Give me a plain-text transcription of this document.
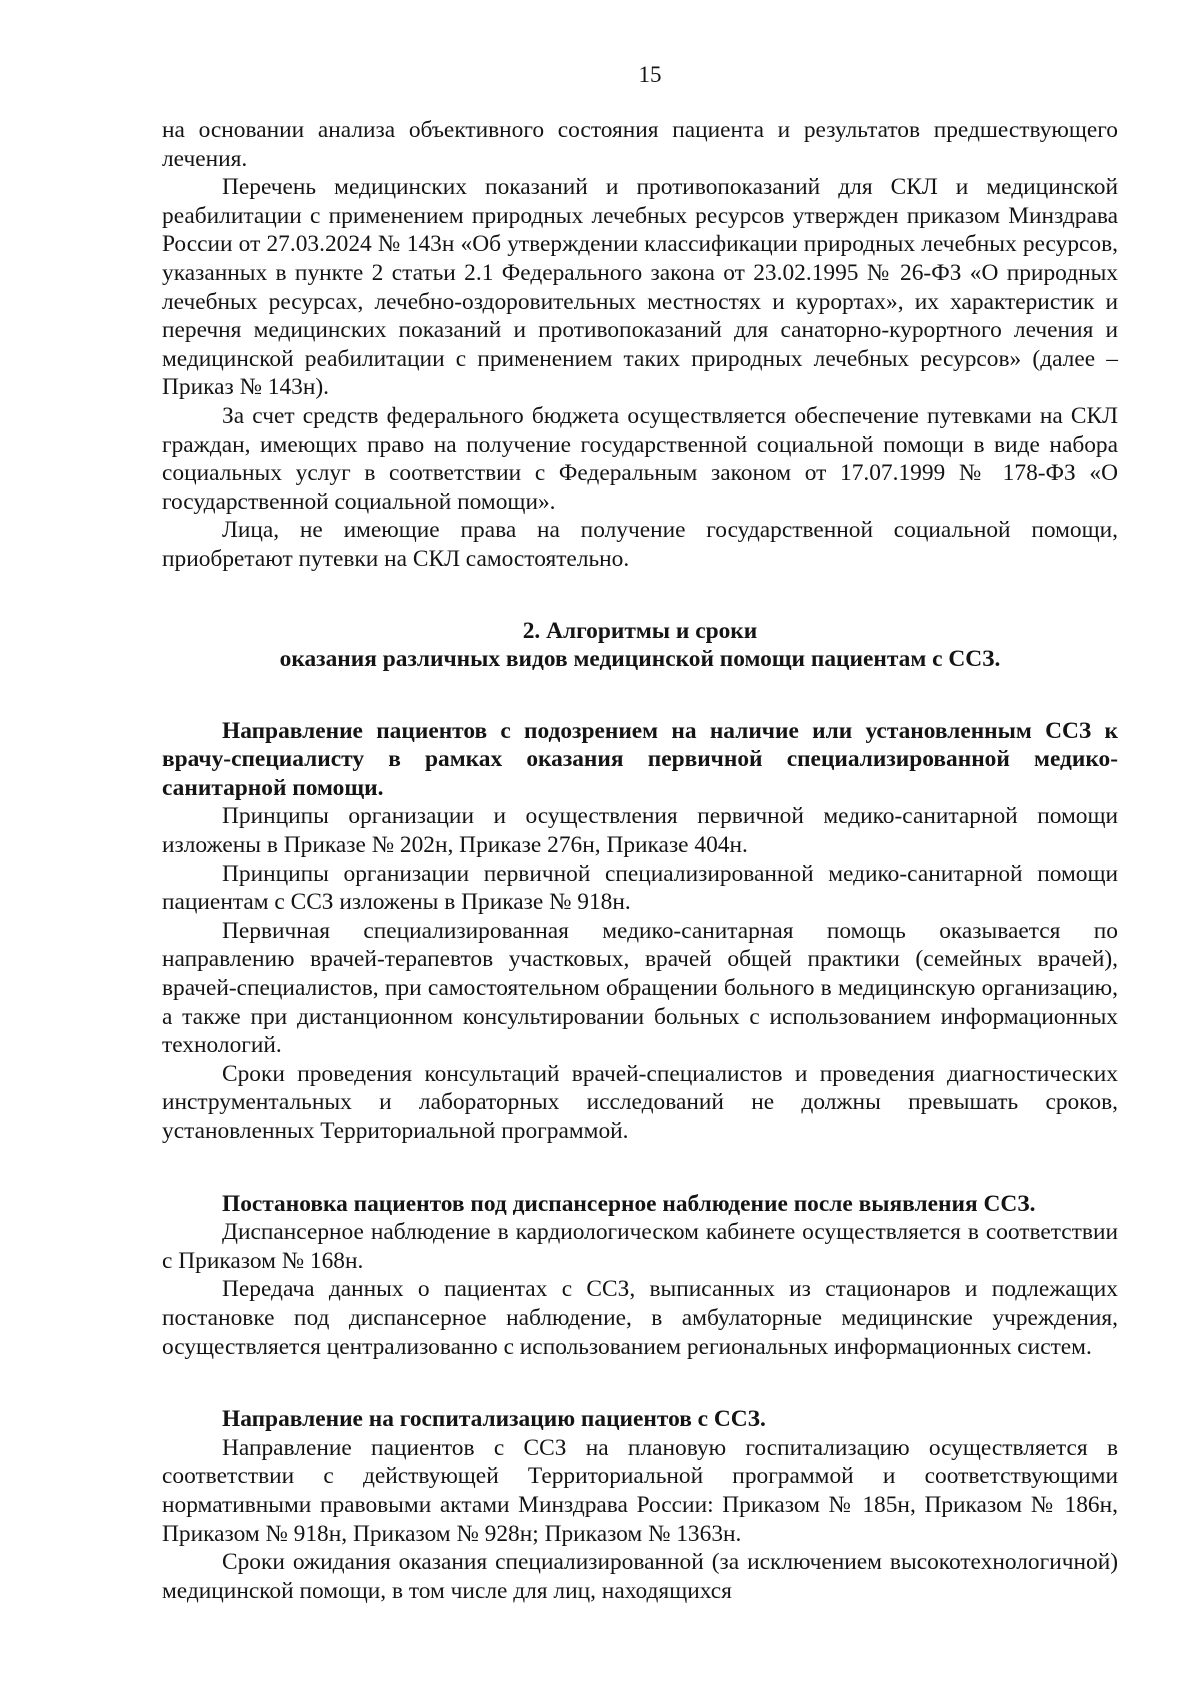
15

на основании анализа объективного состояния пациента и результатов предшествующего лечения.

Перечень медицинских показаний и противопоказаний для СКЛ и медицинской реабилитации с применением природных лечебных ресурсов утвержден приказом Минздрава России от 27.03.2024 № 143н «Об утверждении классификации природных лечебных ресурсов, указанных в пункте 2 статьи 2.1 Федерального закона от 23.02.1995 № 26-ФЗ «О природных лечебных ресурсах, лечебно-оздоровительных местностях и курортах», их характеристик и перечня медицинских показаний и противопоказаний для санаторно-курортного лечения и медицинской реабилитации с применением таких природных лечебных ресурсов» (далее – Приказ № 143н).

За счет средств федерального бюджета осуществляется обеспечение путевками на СКЛ граждан, имеющих право на получение государственной социальной помощи в виде набора социальных услуг в соответствии с Федеральным законом от 17.07.1999 № 178-ФЗ «О государственной социальной помощи».

Лица, не имеющие права на получение государственной социальной помощи, приобретают путевки на СКЛ самостоятельно.

2. Алгоритмы и сроки
оказания различных видов медицинской помощи пациентам с ССЗ.

Направление пациентов с подозрением на наличие или установленным ССЗ к врачу-специалисту в рамках оказания первичной специализированной медико-санитарной помощи.

Принципы организации и осуществления первичной медико-санитарной помощи изложены в Приказе № 202н, Приказе 276н, Приказе 404н.

Принципы организации первичной специализированной медико-санитарной помощи пациентам с ССЗ изложены в Приказе № 918н.

Первичная специализированная медико-санитарная помощь оказывается по направлению врачей-терапевтов участковых, врачей общей практики (семейных врачей), врачей-специалистов, при самостоятельном обращении больного в медицинскую организацию, а также при дистанционном консультировании больных с использованием информационных технологий.

Сроки проведения консультаций врачей-специалистов и проведения диагностических инструментальных и лабораторных исследований не должны превышать сроков, установленных Территориальной программой.

Постановка пациентов под диспансерное наблюдение после выявления ССЗ.

Диспансерное наблюдение в кардиологическом кабинете осуществляется в соответствии с Приказом № 168н.

Передача данных о пациентах с ССЗ, выписанных из стационаров и подлежащих постановке под диспансерное наблюдение, в амбулаторные медицинские учреждения, осуществляется централизованно с использованием региональных информационных систем.

Направление на госпитализацию пациентов с ССЗ.

Направление пациентов с ССЗ на плановую госпитализацию осуществляется в соответствии с действующей Территориальной программой и соответствующими нормативными правовыми актами Минздрава России: Приказом № 185н, Приказом № 186н, Приказом № 918н, Приказом № 928н; Приказом № 1363н.

Сроки ожидания оказания специализированной (за исключением высокотехнологичной) медицинской помощи, в том числе для лиц, находящихся
